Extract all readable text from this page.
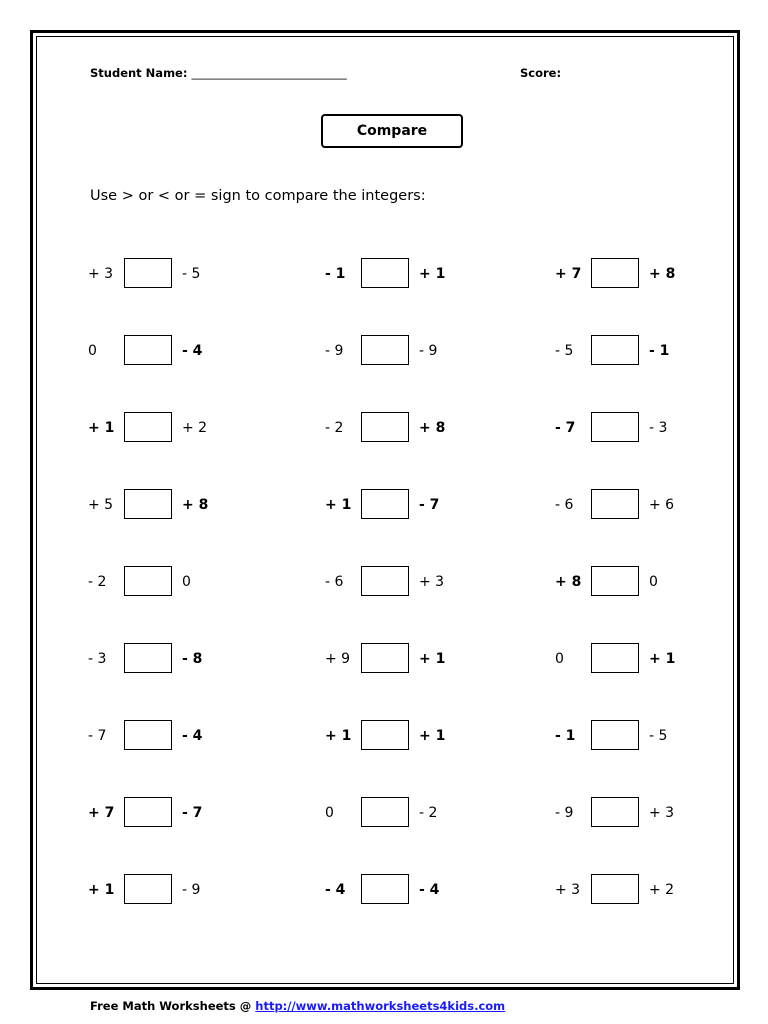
Student Name: ___________________________	Score:
Compare
Use > or < or = sign to compare the integers:
+ 3	- 5	- 1	+ 1	+ 7	+ 8
0	- 4	- 9	- 9	- 5	- 1
+ 1	+ 2	- 2	+ 8	- 7	- 3
+ 5	+ 8	+ 1	- 7	- 6	+ 6
- 2	0	- 6	+ 3	+ 8	0
- 3	- 8	+ 9	+ 1	0	+ 1
- 7	- 4	+ 1	+ 1	- 1	- 5
+ 7	- 7	0	- 2	- 9	+ 3
+ 1	- 9	- 4	- 4	+ 3	+ 2
Free Math Worksheets @ http://www.mathworksheets4kids.com
